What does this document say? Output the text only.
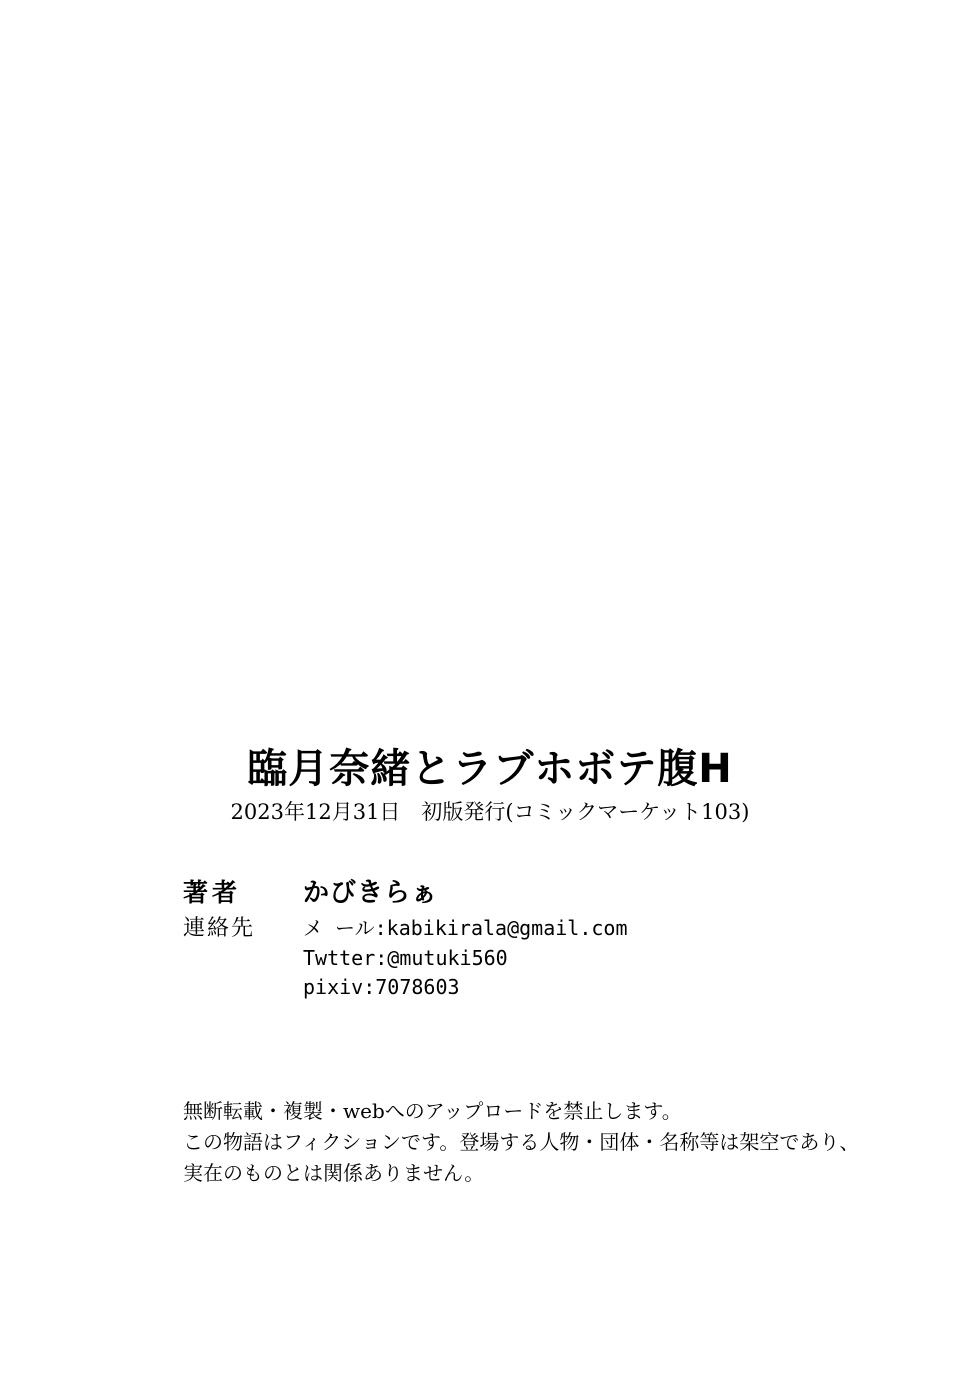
臨月奈緒とラブホボテ腹H

2023年12月31日　初版発行(コミックマーケット103)

著者	かびきらぁ
連絡先	メ ール:kabikirala@gmail.com
Twtter:@mutuki560
pixiv:7078603
無断転載・複製・webへのアップロードを禁止します。
この物語はフィクションです。登場する人物・団体・名称等は架空であり、
実在のものとは関係ありません。
